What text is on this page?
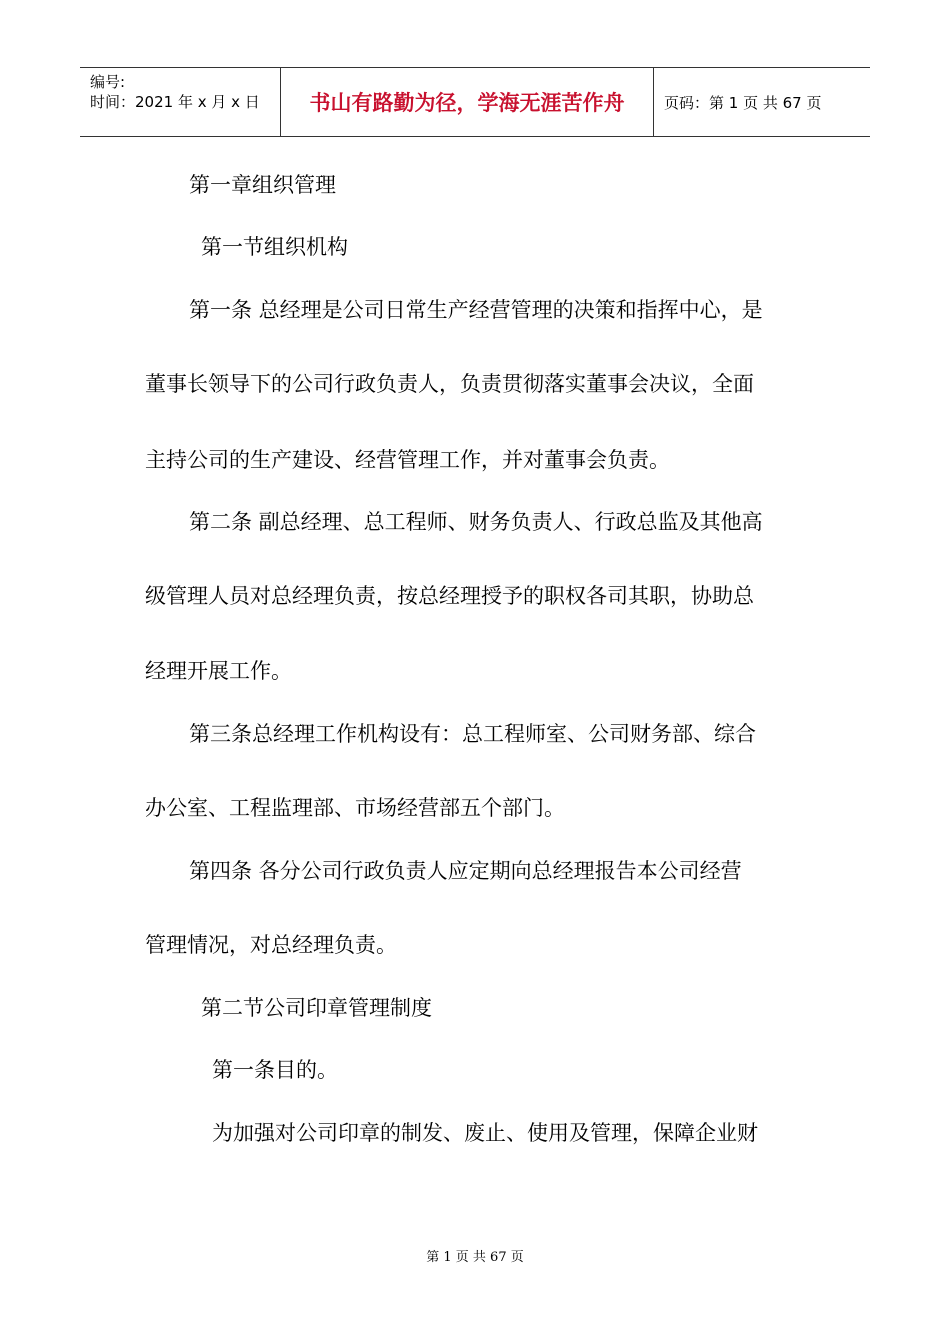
编号:
时间：2021 年 x 月 x 日	书山有路勤为径，学海无涯苦作舟	页码：第 1 页 共 67 页
第一章组织管理
第一节组织机构
第一条 总经理是公司日常生产经营管理的决策和指挥中心，是
董事长领导下的公司行政负责人，负责贯彻落实董事会决议，全面
主持公司的生产建设、经营管理工作，并对董事会负责。
第二条 副总经理、总工程师、财务负责人、行政总监及其他高
级管理人员对总经理负责，按总经理授予的职权各司其职，协助总
经理开展工作。
第三条总经理工作机构设有：总工程师室、公司财务部、综合
办公室、工程监理部、市场经营部五个部门。
第四条 各分公司行政负责人应定期向总经理报告本公司经营
管理情况，对总经理负责。
第二节公司印章管理制度
第一条目的。
为加强对公司印章的制发、废止、使用及管理，保障企业财
第 1 页 共 67 页
